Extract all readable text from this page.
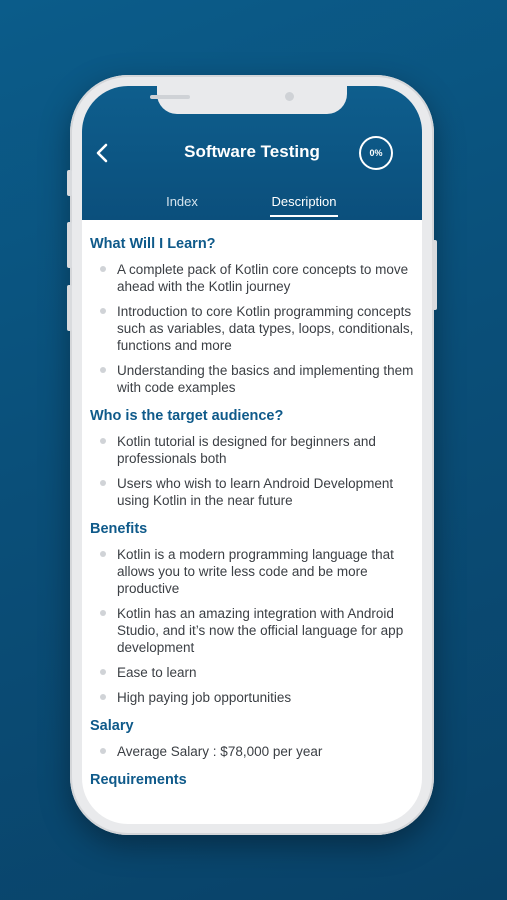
Software Testing	0%
Index	Description
What Will I Learn?
A complete pack of Kotlin core concepts to move ahead with the Kotlin journey
Introduction to core Kotlin programming concepts such as variables, data types, loops, conditionals, functions and more
Understanding the basics and implementing them with code examples
Who is the target audience?
Kotlin tutorial is designed for beginners and professionals both
Users who wish to learn Android Development using Kotlin in the near future
Benefits
Kotlin is a modern programming language that allows you to write less code and be more productive
Kotlin has an amazing integration with Android Studio, and it’s now the official language for app development
Ease to learn
High paying job opportunities
Salary
Average Salary : $78,000 per year
Requirements
